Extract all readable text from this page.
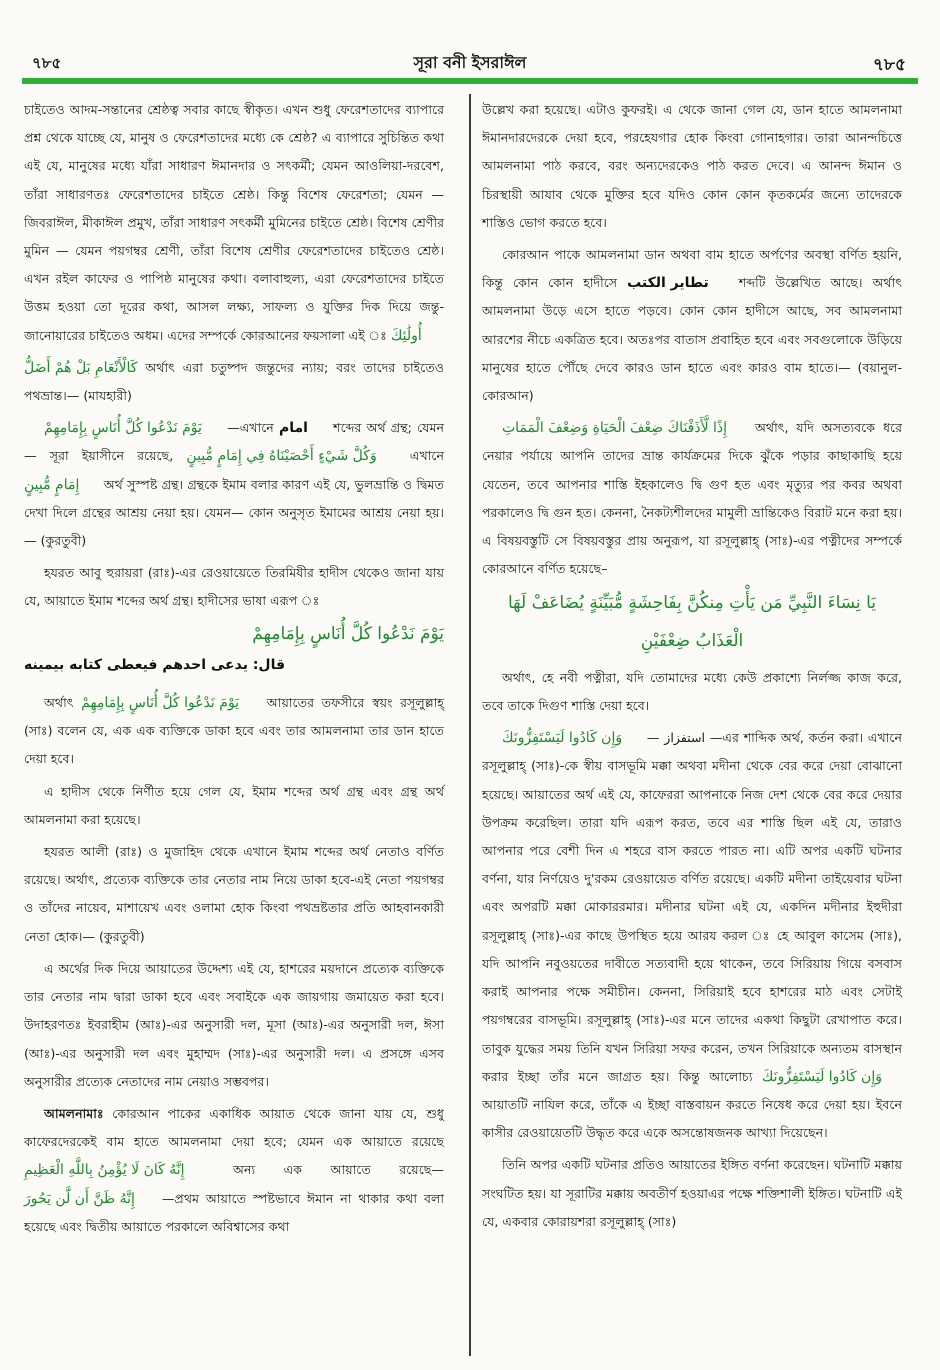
৭৮৫	সূরা বনী ইসরাঈল	৭৮৫

চাইতেও আদম-সন্তানের শ্রেষ্ঠত্ব সবার কাছে স্বীকৃত। এখন শুধু ফেরেশতাদের ব্যাপারে প্রশ্ন থেকে যাচ্ছে যে, মানুষ ও ফেরেশতাদের মধ্যে কে শ্রেষ্ঠ? এ ব্যাপারে সুচিন্তিত কথা এই যে, মানুষের মধ্যে যাঁরা সাধারণ ঈমানদার ও সৎকর্মী; যেমন আওলিয়া-দরবেশ, তাঁরা সাধারণতঃ ফেরেশতাদের চাইতে শ্রেষ্ঠ। কিন্তু বিশেষ ফেরেশতা; যেমন — জিবরাঈল, মীকাঈল প্রমুখ, তাঁরা সাধারণ সৎকর্মী মুমিনের চাইতে শ্রেষ্ঠ। বিশেষ শ্রেণীর মুমিন — যেমন পয়গম্বর শ্রেণী, তাঁরা বিশেষ শ্রেণীর ফেরেশতাদের চাইতেও শ্রেষ্ঠ। এখন রইল কাফের ও পাপিষ্ঠ মানুষের কথা। বলাবাহুল্য, এরা ফেরেশতাদের চাইতে উত্তম হওয়া তো দূরের কথা, আসল লক্ষ্য, সাফল্য ও যুক্তির দিক দিয়ে জন্তু-জানোয়ারের চাইতেও অধম। এদের সম্পর্কে কোরআনের ফয়সালা এই ঃ أُولَٰئِكَ

كَالْأَنْعَامِ بَلْ هُمْ أَضَلُّ অর্থাৎ এরা চতুষ্পদ জন্তুদের ন্যায়; বরং তাদের চাইতেও পথভ্রান্ত।— (মাযহারী)

يَوْمَ نَدْعُوا كُلَّ أُنَاسٍ بِإِمَامِهِمْ —এখানে امام শব্দের অর্থ গ্রন্থ; যেমন — সূরা ইয়াসীনে রয়েছে, وَكُلَّ شَيْءٍ أَحْصَيْنَاهُ فِي إِمَامٍ مُّبِينٍ	এখানে إِمَامٍ مُّبِينٍ অর্থ সুস্পষ্ট গ্রন্থ। গ্রন্থকে ইমাম বলার কারণ এই যে, ভুলভ্রান্তি ও দ্বিমত দেখা দিলে গ্রন্থের আশ্রয় নেয়া হয়। যেমন— কোন অনুসৃত ইমামের আশ্রয় নেয়া হয়।— (কুরতুবী)

হযরত আবু হুরায়রা (রাঃ)-এর রেওয়ায়েতে তিরমিযীর হাদীস থেকেও জানা যায় যে, আয়াতে ইমাম শব্দের অর্থ গ্রন্থ। হাদীসের ভাষা এরূপ ঃ

يَوْمَ نَدْعُوا كُلَّ أُنَاسٍ بِإِمَامِهِمْ
قال: يدعى احدهم فيعطى كتابه بيمينه

অর্থাৎ يَوْمَ نَدْعُوا كُلَّ أُنَاسٍ بِإِمَامِهِمْ আয়াতের তফসীরে স্বয়ং রসূলুল্লাহ্ (সাঃ) বলেন যে, এক এক ব্যক্তিকে ডাকা হবে এবং তার আমলনামা তার ডান হাতে দেয়া হবে।

এ হাদীস থেকে নির্ণীত হয়ে গেল যে, ইমাম শব্দের অর্থ গ্রন্থ এবং গ্রন্থ অর্থ আমলনামা করা হয়েছে।

হযরত আলী (রাঃ) ও মুজাহিদ থেকে এখানে ইমাম শব্দের অর্থ নেতাও বর্ণিত রয়েছে। অর্থাৎ, প্রত্যেক ব্যক্তিকে তার নেতার নাম নিয়ে ডাকা হবে-এই নেতা পয়গম্বর ও তাঁদের নায়েব, মাশায়েখ এবং ওলামা হোক কিংবা পথভ্রষ্টতার প্রতি আহবানকারী নেতা হোক।— (কুরতুবী)

এ অর্থের দিক দিয়ে আয়াতের উদ্দেশ্য এই যে, হাশরের ময়দানে প্রত্যেক ব্যক্তিকে তার নেতার নাম দ্বারা ডাকা হবে এবং সবাইকে এক জায়গায় জমায়েত করা হবে। উদাহরণতঃ ইবরাহীম (আঃ)-এর অনুসারী দল, মূসা (আঃ)-এর অনুসারী দল, ঈসা (আঃ)-এর অনুসারী দল এবং মুহাম্মদ (সাঃ)-এর অনুসারী দল। এ প্রসঙ্গে এসব অনুসারীর প্রত্যেক নেতাদের নাম নেয়াও সম্ভবপর।

আমলনামাঃ কোরআন পাকের একাধিক আয়াত থেকে জানা যায় যে, শুধু কাফেরদেরকেই বাম হাতে আমলনামা দেয়া হবে; যেমন এক আয়াতে রয়েছে إِنَّهُ كَانَ لَا يُؤْمِنُ بِاللَّهِ الْعَظِيمِ	অন্য এক আয়াতে রয়েছে— إِنَّهُ ظَنَّ أَن لَّن يَحُورَ —প্রথম আয়াতে স্পষ্টভাবে ঈমান না থাকার কথা বলা হয়েছে এবং দ্বিতীয় আয়াতে পরকালে অবিশ্বাসের কথা

উল্লেখ করা হয়েছে। এটাও কুফরই। এ থেকে জানা গেল যে, ডান হাতে আমলনামা ঈমানদারদেরকে দেয়া হবে, পরহেযগার হোক কিংবা গোনাহগার। তারা আনন্দচিত্তে আমলনামা পাঠ করবে, বরং অন্যদেরকেও পাঠ করত দেবে। এ আনন্দ ঈমান ও চিরস্থায়ী আযাব থেকে মুক্তির হবে যদিও কোন কোন কৃতকর্মের জন্যে তাদেরকে শাস্তিও ভোগ করতে হবে।

কোরআন পাকে আমলনামা ডান অথবা বাম হাতে অর্পণের অবস্থা বর্ণিত হয়নি, কিন্তু কোন কোন হাদীসে تطاير الكتب শব্দটি উল্লেখিত আছে। অর্থাৎ আমলনামা উড়ে এসে হাতে পড়বে। কোন কোন হাদীসে আছে, সব আমলনামা আরশের নীচে একত্রিত হবে। অতঃপর বাতাস প্রবাহিত হবে এবং সবগুলোকে উড়িয়ে মানুষের হাতে পৌঁছে দেবে কারও ডান হাতে এবং কারও বাম হাতে।— (বয়ানুল-কোরআন)

إِذًا لَّأَذَقْنَاكَ ضِعْفَ الْحَيَاةِ وَضِعْفَ الْمَمَاتِ অর্থাৎ, যদি অসত্যবকে ধরে নেয়ার পর্যায়ে আপনি তাদের ভ্রান্ত কার্যক্রমের দিকে ঝুঁকে পড়ার কাছাকাছি হয়ে যেতেন, তবে আপনার শাস্তি ইহকালেও দ্বি গুণ হত এবং মৃত্যুর পর কবর অথবা পরকালেও দ্বি গুন হত। কেননা, নৈকট্যশীলদের মামুলী ভ্রান্তিকেও বিরাট মনে করা হয়। এ বিষয়বস্তুটি সে বিষয়বস্তুর প্রায় অনুরূপ, যা রসূলুল্লাহ্ (সাঃ)-এর পত্নীদের সম্পর্কে কোরআনে বর্ণিত হয়েছে–

يَا نِسَاءَ النَّبِيِّ مَن يَأْتِ مِنكُنَّ بِفَاحِشَةٍ مُّبَيِّنَةٍ يُضَاعَفْ لَهَا
الْعَذَابُ ضِعْفَيْنِ

অর্থাৎ, হে নবী পত্নীরা, যদি তোমাদের মধ্যে কেউ প্রকাশ্যে নির্লজ্জ কাজ করে, তবে তাকে দিগুণ শাস্তি দেয়া হবে।

وَإِن كَادُوا لَيَسْتَفِزُّونَكَ — استفزاز —এর শাব্দিক অর্থ, কর্তন করা। এখানে রসূলুল্লাহ্ (সাঃ)-কে স্বীয় বাসভূমি মক্কা অথবা মদীনা থেকে বের করে দেয়া বোঝানো হয়েছে। আয়াতের অর্থ এই যে, কাফেররা আপনাকে নিজ দেশ থেকে বের করে দেয়ার উপক্রম করেছিল। তারা যদি এরূপ করত, তবে এর শাস্তি ছিল এই যে, তারাও আপনার পরে বেশী দিন এ শহরে বাস করতে পারত না। এটি অপর একটি ঘটনার বর্ণনা, যার নির্ণয়েও দু'রকম রেওয়ায়েত বর্ণিত রয়েছে। একটি মদীনা তাইয়েবার ঘটনা এবং অপরটি মক্কা মোকাররমার। মদীনার ঘটনা এই যে, একদিন মদীনার ইহুদীরা রসূলুল্লাহ্ (সাঃ)-এর কাছে উপস্থিত হয়ে আরয করল ঃ হে আবুল কাসেম (সাঃ), যদি আপনি নবুওয়তের দাবীতে সত্যবাদী হয়ে থাকেন, তবে সিরিয়ায় গিয়ে বসবাস করাই আপনার পক্ষে সমীচীন। কেননা, সিরিয়াই হবে হাশরের মাঠ এবং সেটাই পয়গম্বরের বাসভূমি। রসূলুল্লাহ্ (সাঃ)-এর মনে তাদের একথা কিছুটা রেখাপাত করে। তাবুক যুদ্ধের সময় তিনি যখন সিরিয়া সফর করেন, তখন সিরিয়াকে অন্যতম বাসস্থান করার ইচ্ছা তাঁর মনে জাগ্রত হয়। কিন্তু আলোচ্য وَإِن كَادُوا لَيَسْتَفِزُّونَكَ আয়াতটি নাযিল করে, তাঁকে এ ইচ্ছা বাস্তবায়ন করতে নিষেধ করে দেয়া হয়। ইবনে কাসীর রেওয়ায়েতটি উদ্ধৃত করে একে অসন্তোষজনক আখ্যা দিয়েছেন।

তিনি অপর একটি ঘটনার প্রতিও আয়াতের ইঙ্গিত বর্ণনা করেছেন। ঘটনাটি মক্কায় সংঘটিত হয়। যা সূরাটির মক্কায় অবতীর্ণ হওয়াএর পক্ষে শক্তিশালী ইঙ্গিত। ঘটনাটি এই যে, একবার কোরায়শরা রসূলুল্লাহ্ (সাঃ)
